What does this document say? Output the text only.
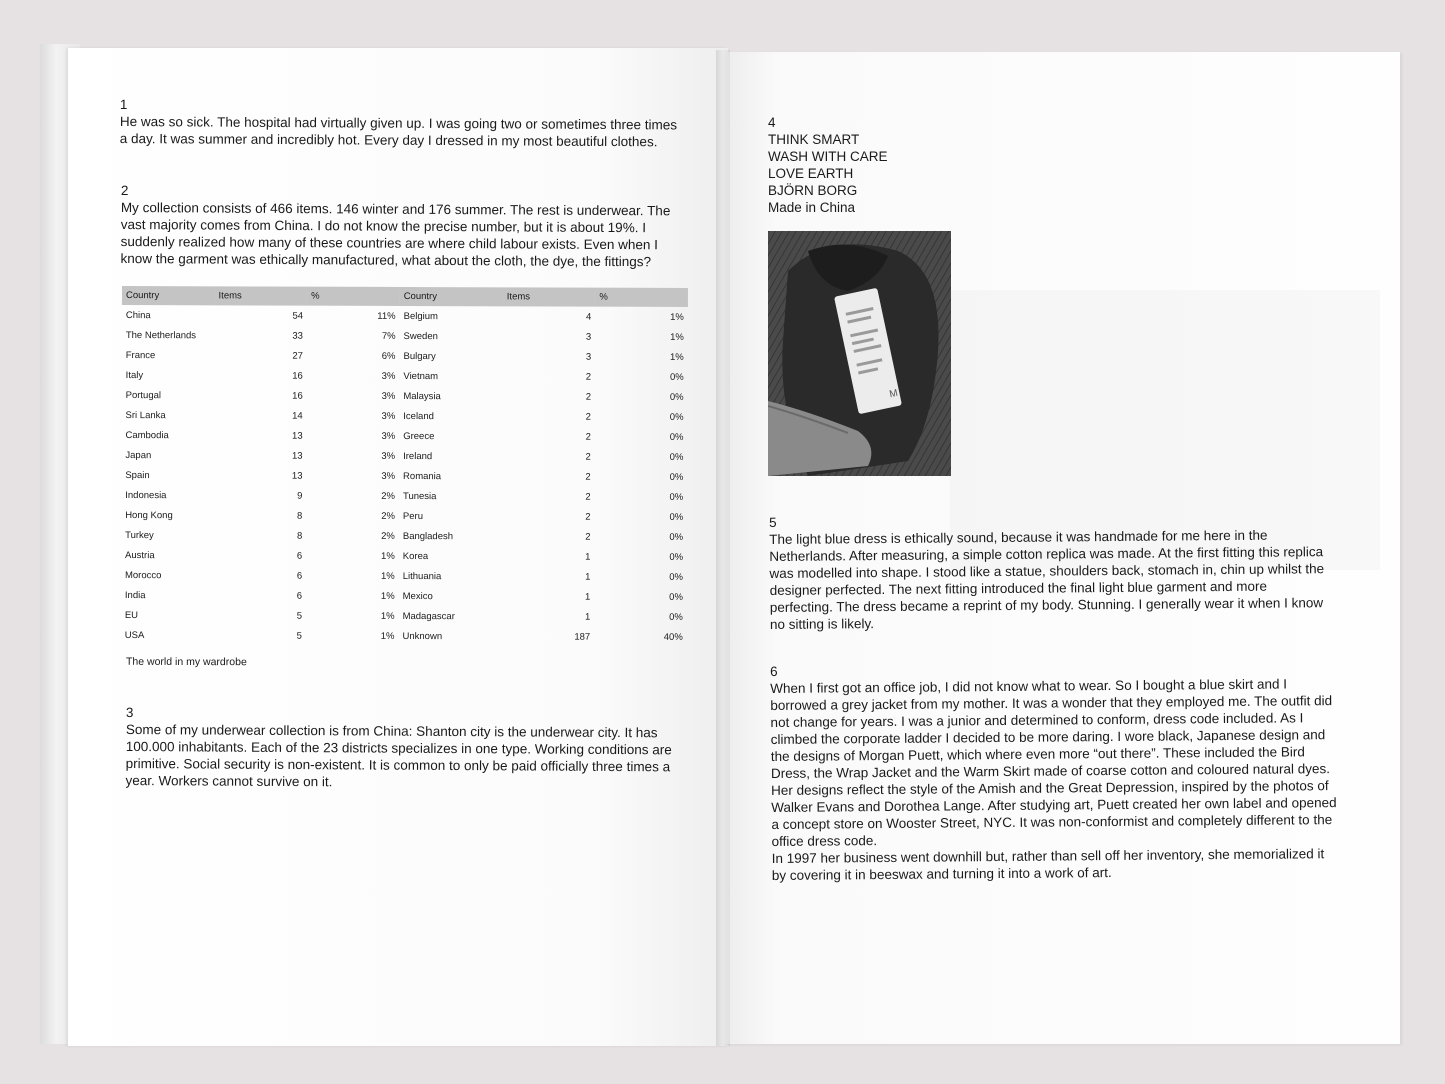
1

He was so sick. The hospital had virtually given up. I was going two or sometimes three times a day. It was summer and incredibly hot. Every day I dressed in my most beautiful clothes.

2

My collection consists of 466 items. 146 winter and 176 summer. The rest is underwear. The vast majority comes from China. I do not know the precise number, but it is about 19%. I suddenly realized how many of these countries are where child labour exists. Even when I know the garment was ethically manufactured, what about the cloth, the dye, the fittings?

Country	Items	%	Country	Items	%
China	54	11%	Belgium	4	1%
The Netherlands	33	7%	Sweden	3	1%
France	27	6%	Bulgary	3	1%
Italy	16	3%	Vietnam	2	0%
Portugal	16	3%	Malaysia	2	0%
Sri Lanka	14	3%	Iceland	2	0%
Cambodia	13	3%	Greece	2	0%
Japan	13	3%	Ireland	2	0%
Spain	13	3%	Romania	2	0%
Indonesia	9	2%	Tunesia	2	0%
Hong Kong	8	2%	Peru	2	0%
Turkey	8	2%	Bangladesh	2	0%
Austria	6	1%	Korea	1	0%
Morocco	6	1%	Lithuania	1	0%
India	6	1%	Mexico	1	0%
EU	5	1%	Madagascar	1	0%
USA	5	1%	Unknown	187	40%
The world in my wardrobe
3

Some of my underwear collection is from China: Shanton city is the underwear city. It has 100.000 inhabitants. Each of the 23 districts specializes in one type. Working conditions are primitive. Social security is non-existent. It is common to only be paid officially three times a year. Workers cannot survive on it.

4
THINK SMART
WASH WITH CARE
LOVE EARTH
BJÖRN BORG
Made in China
M
5

The light blue dress is ethically sound, because it was handmade for me here in the Netherlands. After measuring, a simple cotton replica was made. At the first fitting this replica was modelled into shape. I stood like a statue, shoulders back, stomach in, chin up whilst the designer perfected. The next fitting introduced the final light blue garment and more perfecting. The dress became a reprint of my body. Stunning. I generally wear it when I know no sitting is likely.

6

When I first got an office job, I did not know what to wear. So I bought a blue skirt and I borrowed a grey jacket from my mother. It was a wonder that they employed me. The outfit did not change for years. I was a junior and determined to conform, dress code included. As I climbed the corporate ladder I decided to be more daring. I wore black, Japanese design and the designs of Morgan Puett, which where even more “out there”. These included the Bird Dress, the Wrap Jacket and the Warm Skirt made of coarse cotton and coloured natural dyes. Her designs reflect the style of the Amish and the Great Depression, inspired by the photos of Walker Evans and Dorothea Lange. After studying art, Puett created her own label and opened a concept store on Wooster Street, NYC. It was non-conformist and completely different to the office dress code.

In 1997 her business went downhill but, rather than sell off her inventory, she memorialized it by covering it in beeswax and turning it into a work of art.
